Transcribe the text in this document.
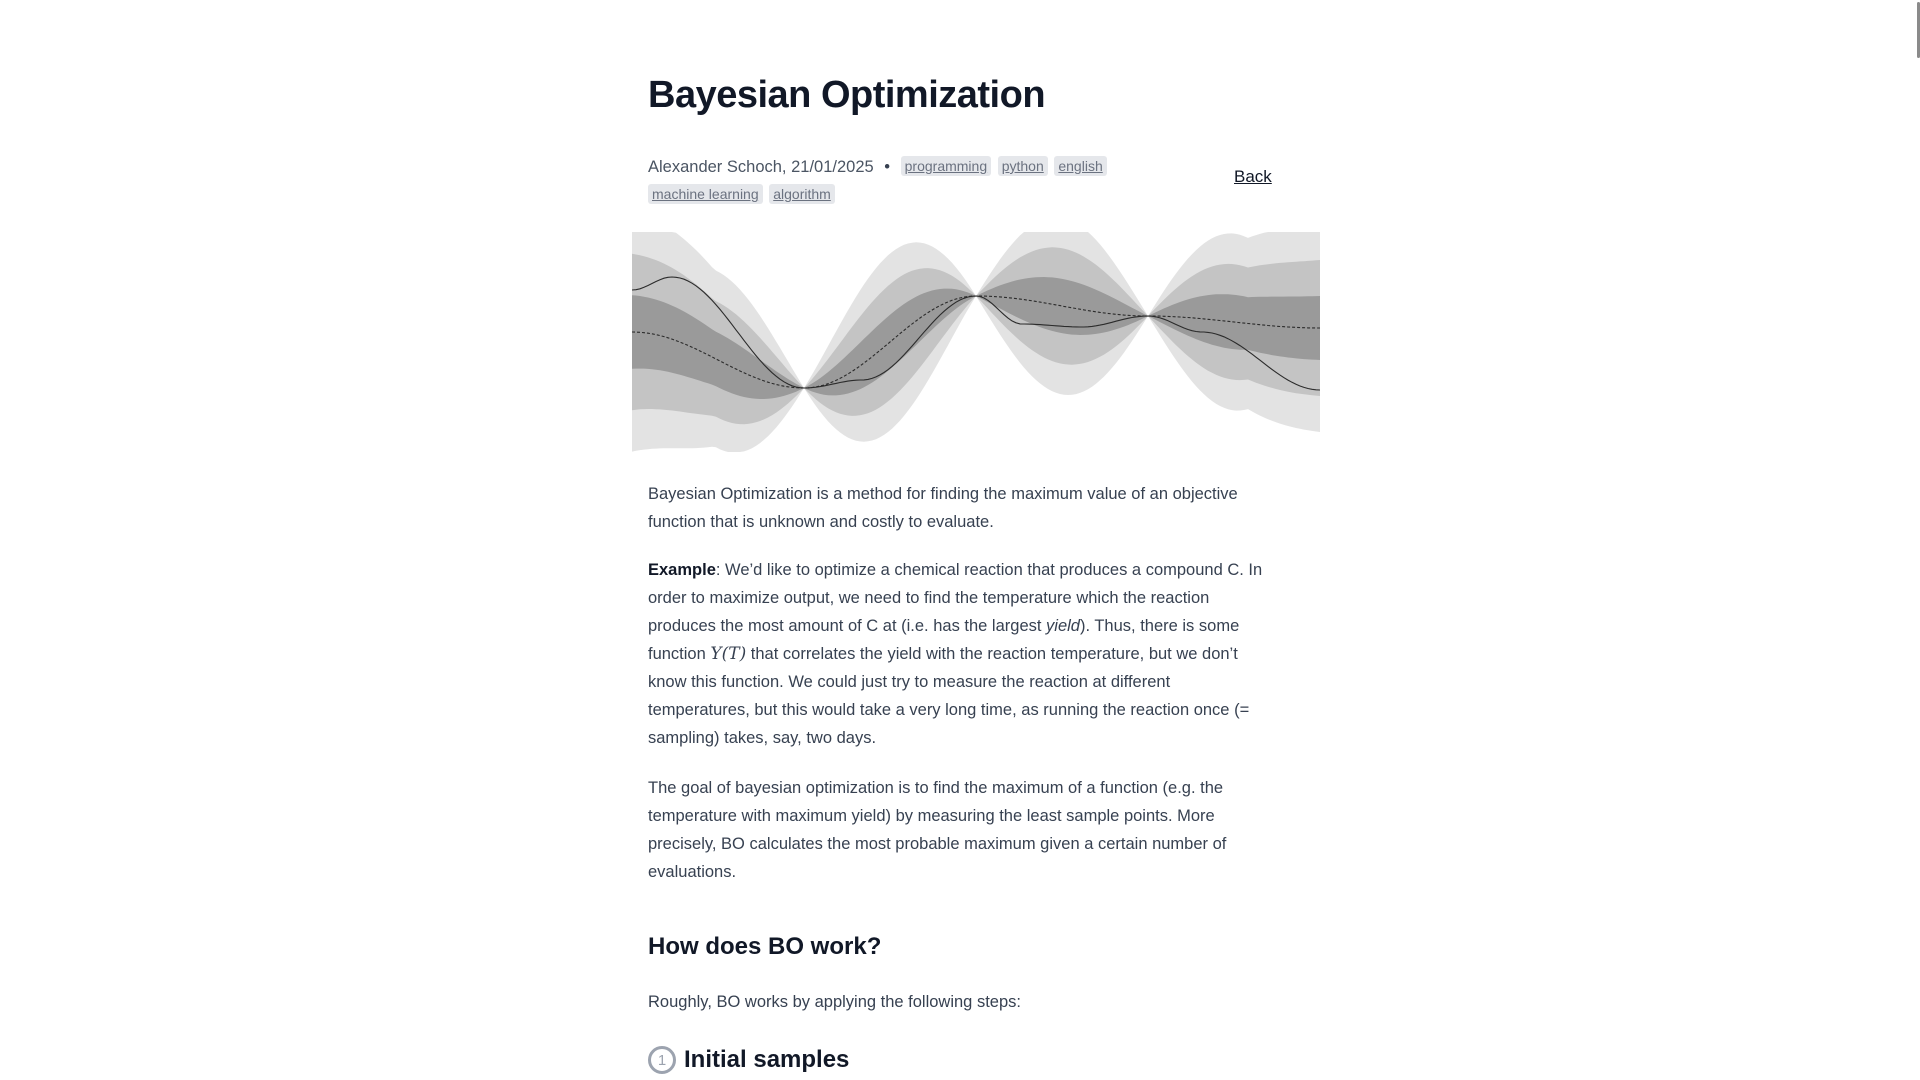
Bayesian Optimization
Alexander Schoch, 21/01/2025 • programming python english machine learning algorithm
Back

Bayesian Optimization is a method for finding the maximum value of an objective function that is unknown and costly to evaluate.

Example: We’d like to optimize a chemical reaction that produces a compound C. In order to maximize output, we need to find the temperature which the reaction produces the most amount of C at (i.e. has the largest yield). Thus, there is some function Y(T) that correlates the yield with the reaction temperature, but we don’t know this function. We could just try to measure the reaction at different temperatures, but this would take a very long time, as running the reaction once (= sampling) takes, say, two days.

The goal of bayesian optimization is to find the maximum of a function (e.g. the temperature with maximum yield) by measuring the least sample points. More precisely, BO calculates the most probable maximum given a certain number of evaluations.

How does BO work?

Roughly, BO works by applying the following steps:

1 Initial samples
